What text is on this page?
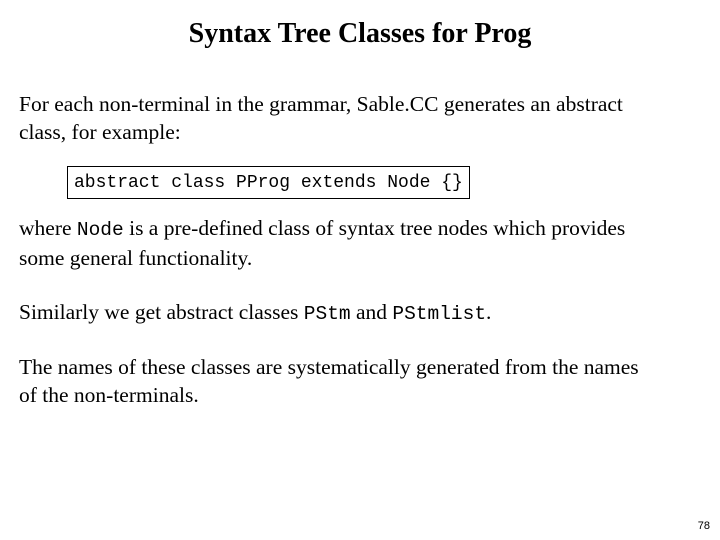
Syntax Tree Classes for Prog

For each non-terminal in the grammar, Sable.CC generates an abstract class, for example:

abstract class PProg extends Node {}

where Node is a pre-defined class of syntax tree nodes which provides some general functionality.

Similarly we get abstract classes PStm and PStmlist.

The names of these classes are systematically generated from the names of the non-terminals.

78
